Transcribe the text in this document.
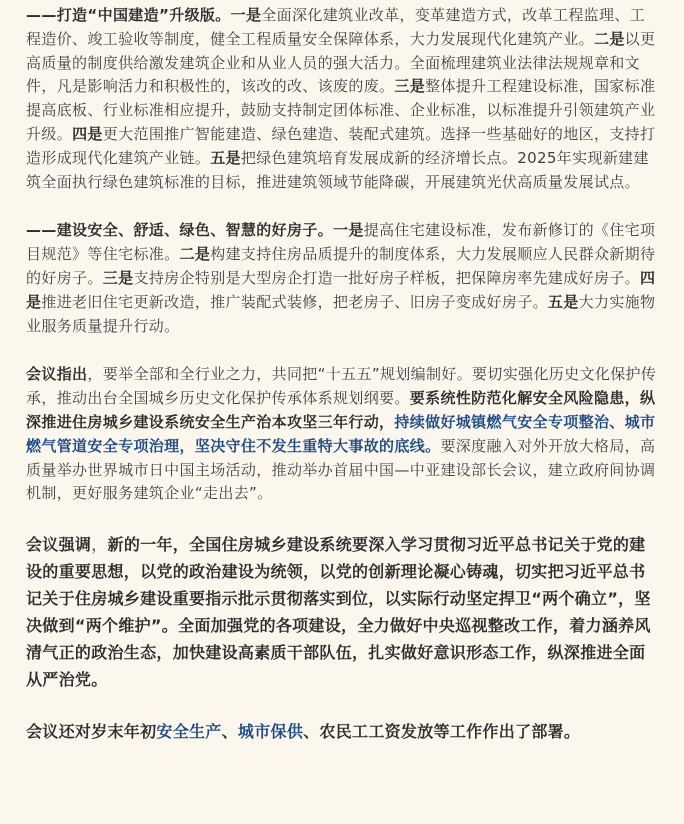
——打造“中国建造”升级版。一是全面深化建筑业改革，变革建造方式，改革工程监理、工程造价、竣工验收等制度，健全工程质量安全保障体系，大力发展现代化建筑产业。二是以更高质量的制度供给激发建筑企业和从业人员的强大活力。全面梳理建筑业法律法规规章和文件，凡是影响活力和积极性的，该改的改、该废的废。三是整体提升工程建设标准，国家标准提高底板、行业标准相应提升，鼓励支持制定团体标准、企业标准，以标准提升引领建筑产业升级。四是更大范围推广智能建造、绿色建造、装配式建筑。选择一些基础好的地区，支持打造形成现代化建筑产业链。五是把绿色建筑培育发展成新的经济增长点。2025年实现新建建筑全面执行绿色建筑标准的目标，推进建筑领域节能降碳，开展建筑光伏高质量发展试点。

——建设安全、舒适、绿色、智慧的好房子。一是提高住宅建设标准，发布新修订的《住宅项目规范》等住宅标准。二是构建支持住房品质提升的制度体系，大力发展顺应人民群众新期待的好房子。三是支持房企特别是大型房企打造一批好房子样板，把保障房率先建成好房子。四是推进老旧住宅更新改造，推广装配式装修，把老房子、旧房子变成好房子。五是大力实施物业服务质量提升行动。

会议指出，要举全部和全行业之力，共同把“十五五”规划编制好。要切实强化历史文化保护传承，推动出台全国城乡历史文化保护传承体系规划纲要。要系统性防范化解安全风险隐患，纵深推进住房城乡建设系统安全生产治本攻坚三年行动，持续做好城镇燃气安全专项整治、城市燃气管道安全专项治理，坚决守住不发生重特大事故的底线。要深度融入对外开放大格局，高质量举办世界城市日中国主场活动，推动举办首届中国—中亚建设部长会议，建立政府间协调机制，更好服务建筑企业“走出去”。

会议强调，新的一年，全国住房城乡建设系统要深入学习贯彻习近平总书记关于党的建设的重要思想，以党的政治建设为统领，以党的创新理论凝心铸魂，切实把习近平总书记关于住房城乡建设重要指示批示贯彻落实到位，以实际行动坚定捍卫“两个确立”，坚决做到“两个维护”。全面加强党的各项建设，全力做好中央巡视整改工作，着力涵养风清气正的政治生态，加快建设高素质干部队伍，扎实做好意识形态工作，纵深推进全面从严治党。

会议还对岁末年初安全生产、城市保供、农民工工资发放等工作作出了部署。
